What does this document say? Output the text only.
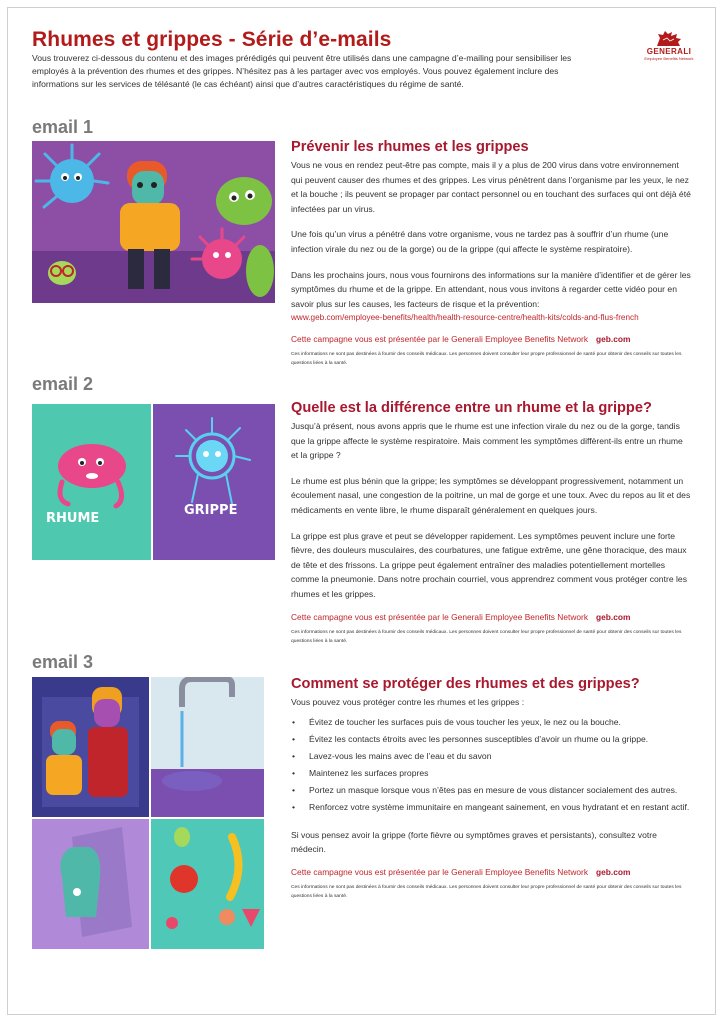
Rhumes et grippes - Série d’e-mails

Vous trouverez ci-dessous du contenu et des images prérédigés qui peuvent être utilisés dans une campagne d’e-mailing pour sensibiliser les employés à la prévention des rhumes et des grippes. N’hésitez pas à les partager avec vos employés. Vous pouvez également inclure des informations sur les services de télésanté (le cas échéant) ainsi que d’autres caractéristiques du régime de santé.

GENERALI
Employee Benefits Network
email 1
Prévenir les rhumes et les grippes

Vous ne vous en rendez peut-être pas compte, mais il y a plus de 200 virus dans votre environnement qui peuvent causer des rhumes et des grippes. Les virus pénètrent dans l’organisme par les yeux, le nez et la bouche ; ils peuvent se propager par contact personnel ou en touchant des surfaces qui ont déjà été infectées par un virus.

Une fois qu’un virus a pénétré dans votre organisme, vous ne tardez pas à souffrir d’un rhume (une infection virale du nez ou de la gorge) ou de la grippe (qui affecte le système respiratoire).

Dans les prochains jours, nous vous fournirons des informations sur la manière d’identifier et de gérer les symptômes du rhume et de la grippe. En attendant, nous vous invitons à regarder cette vidéo pour en savoir plus sur les causes, les facteurs de risque et la prévention:

www.geb.com/employee-benefits/health/health-resource-centre/health-kits/colds-and-flus-french
Cette campagne vous est présentée par le Generali Employee Benefits Network geb.com
Ces informations ne sont pas destinées à fournir des conseils médicaux. Les personnes doivent consulter leur propre professionnel de santé pour obtenir des conseils sur toutes les questions liées à la santé.
email 2
RHUME
GRIPPE
Quelle est la différence entre un rhume et la grippe?

Jusqu’à présent, nous avons appris que le rhume est une infection virale du nez ou de la gorge, tandis que la grippe affecte le système respiratoire. Mais comment les symptômes diffèrent-ils entre un rhume et la grippe ?

Le rhume est plus bénin que la grippe; les symptômes se développant progressivement, notamment un écoulement nasal, une congestion de la poitrine, un mal de gorge et une toux. Avec du repos au lit et des médicaments en vente libre, le rhume disparaît généralement en quelques jours.

La grippe est plus grave et peut se développer rapidement. Les symptômes peuvent inclure une forte fièvre, des douleurs musculaires, des courbatures, une fatigue extrême, une gêne thoracique, des maux de tête et des frissons. La grippe peut également entraîner des maladies potentiellement mortelles comme la pneumonie. Dans notre prochain courriel, vous apprendrez comment vous protéger contre les rhumes et les grippes.

Cette campagne vous est présentée par le Generali Employee Benefits Network geb.com
Ces informations ne sont pas destinées à fournir des conseils médicaux. Les personnes doivent consulter leur propre professionnel de santé pour obtenir des conseils sur toutes les questions liées à la santé.
email 3
Comment se protéger des rhumes et des grippes?

Vous pouvez vous protéger contre les rhumes et les grippes :

• Évitez de toucher les surfaces puis de vous toucher les yeux, le nez ou la bouche.
• Évitez les contacts étroits avec les personnes susceptibles d’avoir un rhume ou la grippe.
• Lavez-vous les mains avec de l’eau et du savon
• Maintenez les surfaces propres
• Portez un masque lorsque vous n’êtes pas en mesure de vous distancer socialement des autres.
• Renforcez votre système immunitaire en mangeant sainement, en vous hydratant et en restant actif.

Si vous pensez avoir la grippe (forte fièvre ou symptômes graves et persistants), consultez votre médecin.

Cette campagne vous est présentée par le Generali Employee Benefits Network geb.com
Ces informations ne sont pas destinées à fournir des conseils médicaux. Les personnes doivent consulter leur propre professionnel de santé pour obtenir des conseils sur toutes les questions liées à la santé.
